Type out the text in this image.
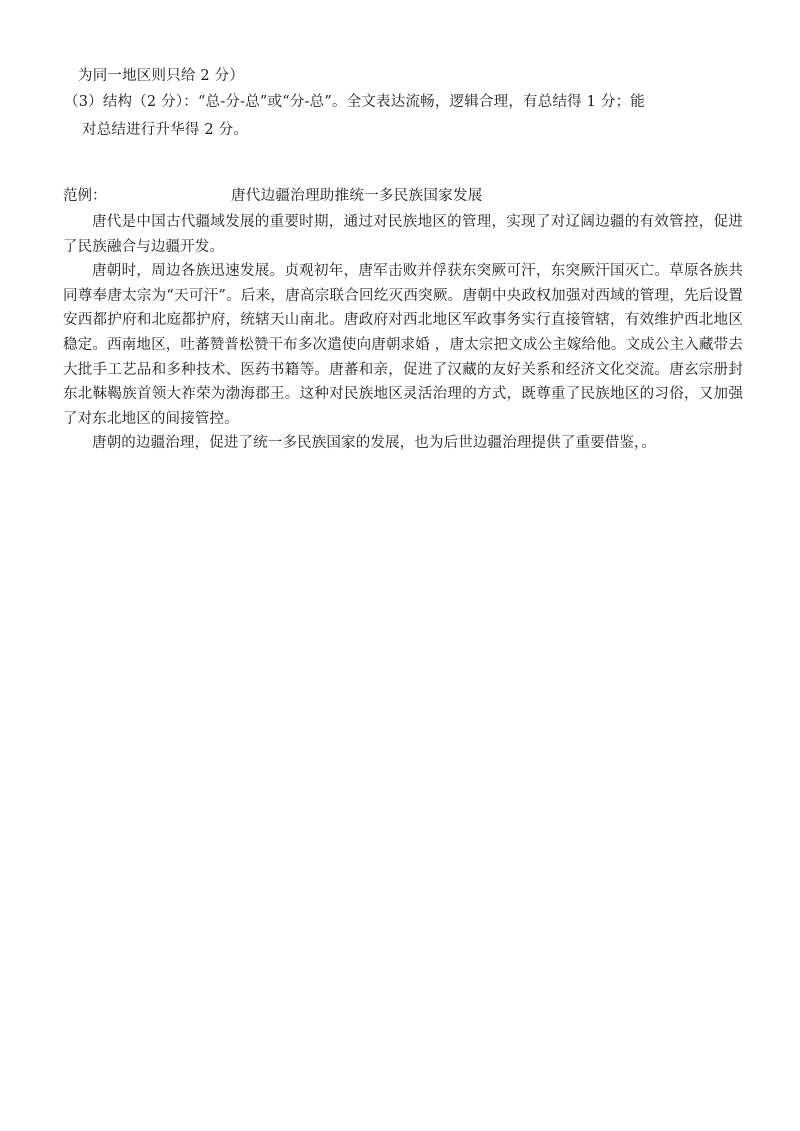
为同一地区则只给 2 分）
（3）结构（2 分）：“总-分-总”或“分-总”。全文表达流畅，逻辑合理，有总结得 1 分；能
对总结进行升华得 2 分。
范例：	唐代边疆治理助推统一多民族国家发展

唐代是中国古代疆域发展的重要时期，通过对民族地区的管理，实现了对辽阔边疆的有效管控，促进了民族融合与边疆开发。

唐朝时，周边各族迅速发展。贞观初年，唐军击败并俘获东突厥可汗，东突厥汗国灭亡。草原各族共同尊奉唐太宗为“天可汗”。后来，唐高宗联合回纥灭西突厥。唐朝中央政权加强对西域的管理，先后设置安西都护府和北庭都护府，统辖天山南北。唐政府对西北地区军政事务实行直接管辖，有效维护西北地区稳定。西南地区，吐蕃赞普松赞干布多次遣使向唐朝求婚 ，唐太宗把文成公主嫁给他。文成公主入藏带去大批手工艺品和多种技术、医药书籍等。唐蕃和亲，促进了汉藏的友好关系和经济文化交流。唐玄宗册封东北靺鞨族首领大祚荣为渤海郡王。这种对民族地区灵活治理的方式，既尊重了民族地区的习俗，又加强了对东北地区的间接管控。

唐朝的边疆治理，促进了统一多民族国家的发展，也为后世边疆治理提供了重要借鉴，。
